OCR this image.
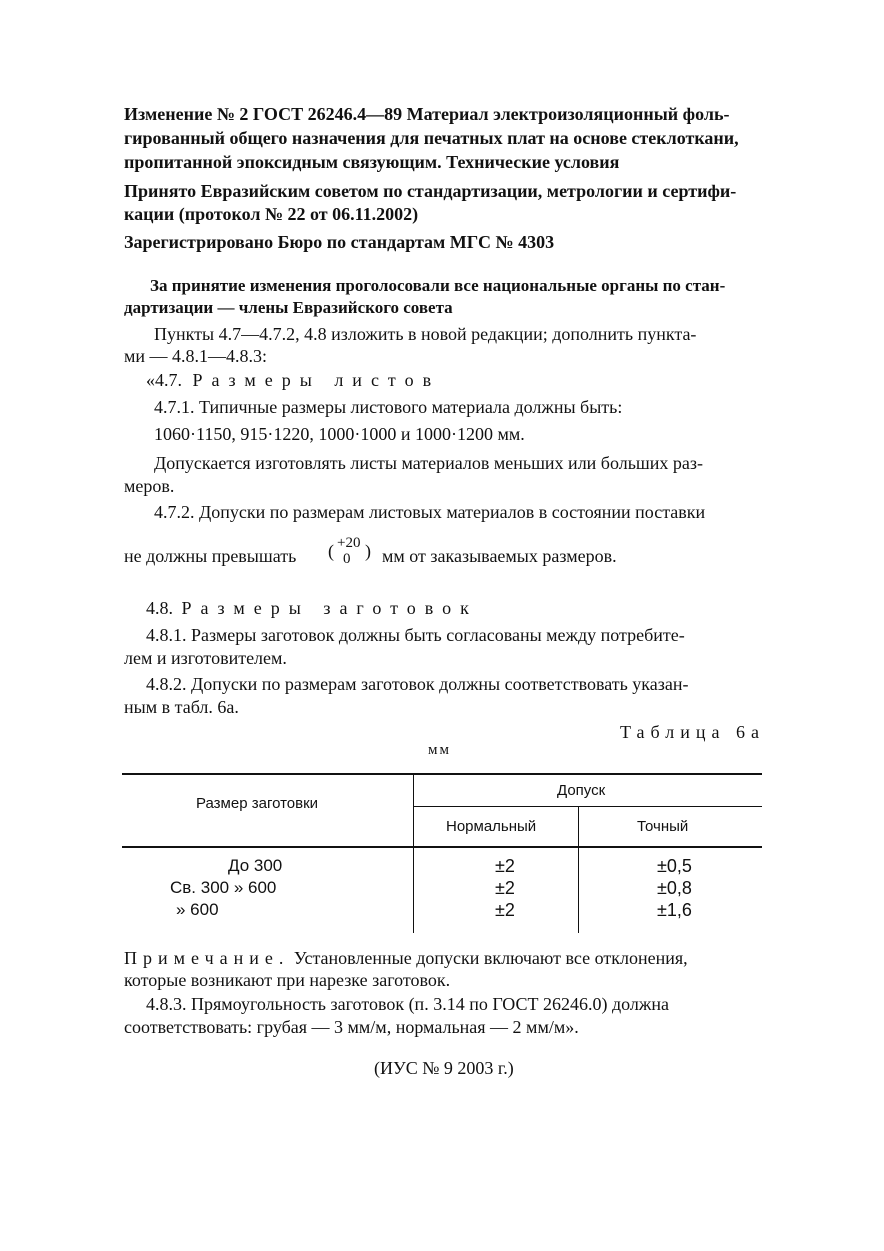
Изменение № 2 ГОСТ 26246.4—89 Материал электроизоляционный фоль-
гированный общего назначения для печатных плат на основе стеклоткани,
пропитанной эпоксидным связующим. Технические условия
Принято Евразийским советом по стандартизации, метрологии и сертифи-
кации (протокол № 22 от 06.11.2002)
Зарегистрировано Бюро по стандартам МГС № 4303
За принятие изменения проголосовали все национальные органы по стан-
дартизации — члены Евразийского совета
Пункты 4.7—4.7.2, 4.8 изложить в новой редакции; дополнить пункта-
ми — 4.8.1—4.8.3:
«4.7. Размеры листов
4.7.1. Типичные размеры листового материала должны быть:
1060·1150, 915·1220, 1000·1000 и 1000·1200 мм.
Допускается изготовлять листы материалов меньших или больших раз-
меров.
4.7.2. Допуски по размерам листовых материалов в состоянии поставки
не должны превышать ( +20
0 ) мм от заказываемых размеров.
4.8. Размеры заготовок
4.8.1. Размеры заготовок должны быть согласованы между потребите-
лем и изготовителем.
4.8.2. Допуски по размерам заготовок должны соответствовать указан-
ным в табл. 6а.
Таблица 6а
мм
Размер заготовки
Допуск
Нормальный	Точный
До 300	±2	±0,5
Св. 300 » 600	±2	±0,8
» 600	±2	±1,6
Примечание. Установленные допуски включают все отклонения,
которые возникают при нарезке заготовок.
4.8.3. Прямоугольность заготовок (п. 3.14 по ГОСТ 26246.0) должна
соответствовать: грубая — 3 мм/м, нормальная — 2 мм/м».
(ИУС № 9 2003 г.)
